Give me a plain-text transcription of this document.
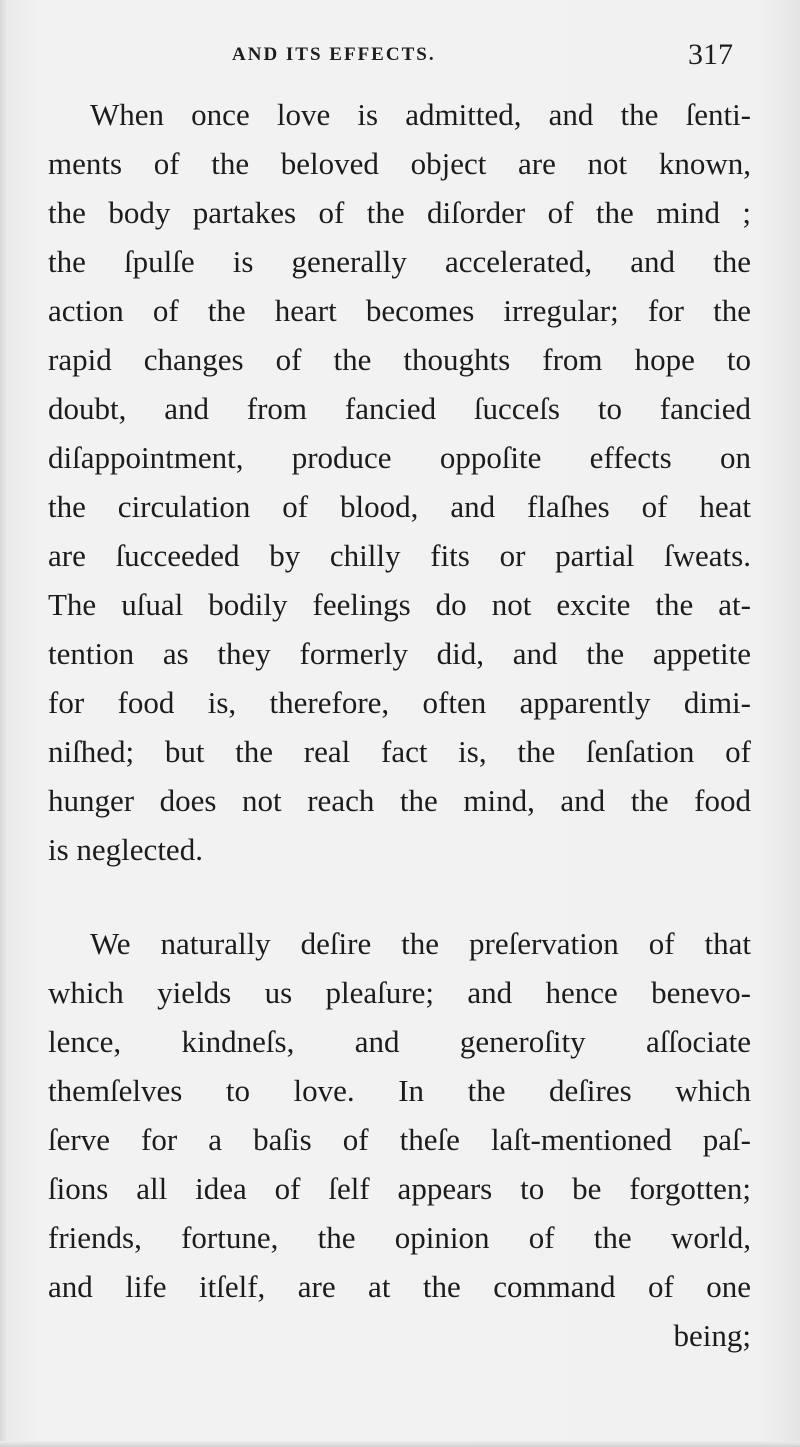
AND ITS EFFECTS.	317
When once love is admitted, and the ſenti-
ments of the beloved object are not known,
the body partakes of the diſorder of the mind ;
the ſpulſe is generally accelerated, and the
action of the heart becomes irregular; for the
rapid changes of the thoughts from hope to
doubt, and from fancied ſucceſs to fancied
diſappointment, produce oppoſite effects on
the circulation of blood, and flaſhes of heat
are ſucceeded by chilly fits or partial ſweats.
The uſual bodily feelings do not excite the at-
tention as they formerly did, and the appetite
for food is, therefore, often apparently dimi-
niſhed; but the real fact is, the ſenſation of
hunger does not reach the mind, and the food
is neglected.
We naturally deſire the preſervation of that
which yields us pleaſure; and hence benevo-
lence, kindneſs, and generoſity aſſociate
themſelves to love. In the deſires which
ſerve for a baſis of theſe laſt-mentioned paſ-
ſions all idea of ſelf appears to be forgotten;
friends, fortune, the opinion of the world,
and life itſelf, are at the command of one
being;
